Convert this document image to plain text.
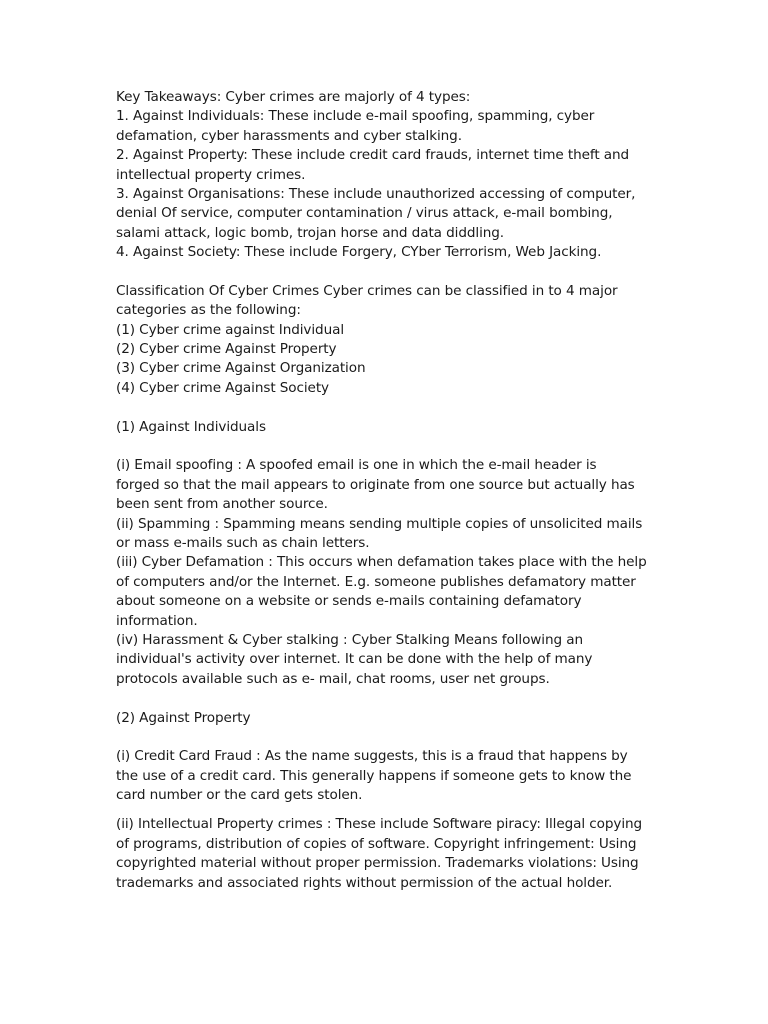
Key Takeaways: Cyber crimes are majorly of 4 types:
1. Against Individuals: These include e-mail spoofing, spamming, cyber
defamation, cyber harassments and cyber stalking.
2. Against Property: These include credit card frauds, internet time theft and
intellectual property crimes.
3. Against Organisations: These include unauthorized accessing of computer,
denial Of service, computer contamination / virus attack, e-mail bombing,
salami attack, logic bomb, trojan horse and data diddling.
4. Against Society: These include Forgery, CYber Terrorism, Web Jacking.
Classification Of Cyber Crimes Cyber crimes can be classified in to 4 major
categories as the following:
(1) Cyber crime against Individual
(2) Cyber crime Against Property
(3) Cyber crime Against Organization
(4) Cyber crime Against Society
(1) Against Individuals
(i) Email spoofing : A spoofed email is one in which the e-mail header is
forged so that the mail appears to originate from one source but actually has
been sent from another source.
(ii) Spamming : Spamming means sending multiple copies of unsolicited mails
or mass e-mails such as chain letters.
(iii) Cyber Defamation : This occurs when defamation takes place with the help
of computers and/or the Internet. E.g. someone publishes defamatory matter
about someone on a website or sends e-mails containing defamatory
information.
(iv) Harassment & Cyber stalking : Cyber Stalking Means following an
individual's activity over internet. It can be done with the help of many
protocols available such as e- mail, chat rooms, user net groups.
(2) Against Property
(i) Credit Card Fraud : As the name suggests, this is a fraud that happens by
the use of a credit card. This generally happens if someone gets to know the
card number or the card gets stolen.
(ii) Intellectual Property crimes : These include Software piracy: Illegal copying
of programs, distribution of copies of software. Copyright infringement: Using
copyrighted material without proper permission. Trademarks violations: Using
trademarks and associated rights without permission of the actual holder.
